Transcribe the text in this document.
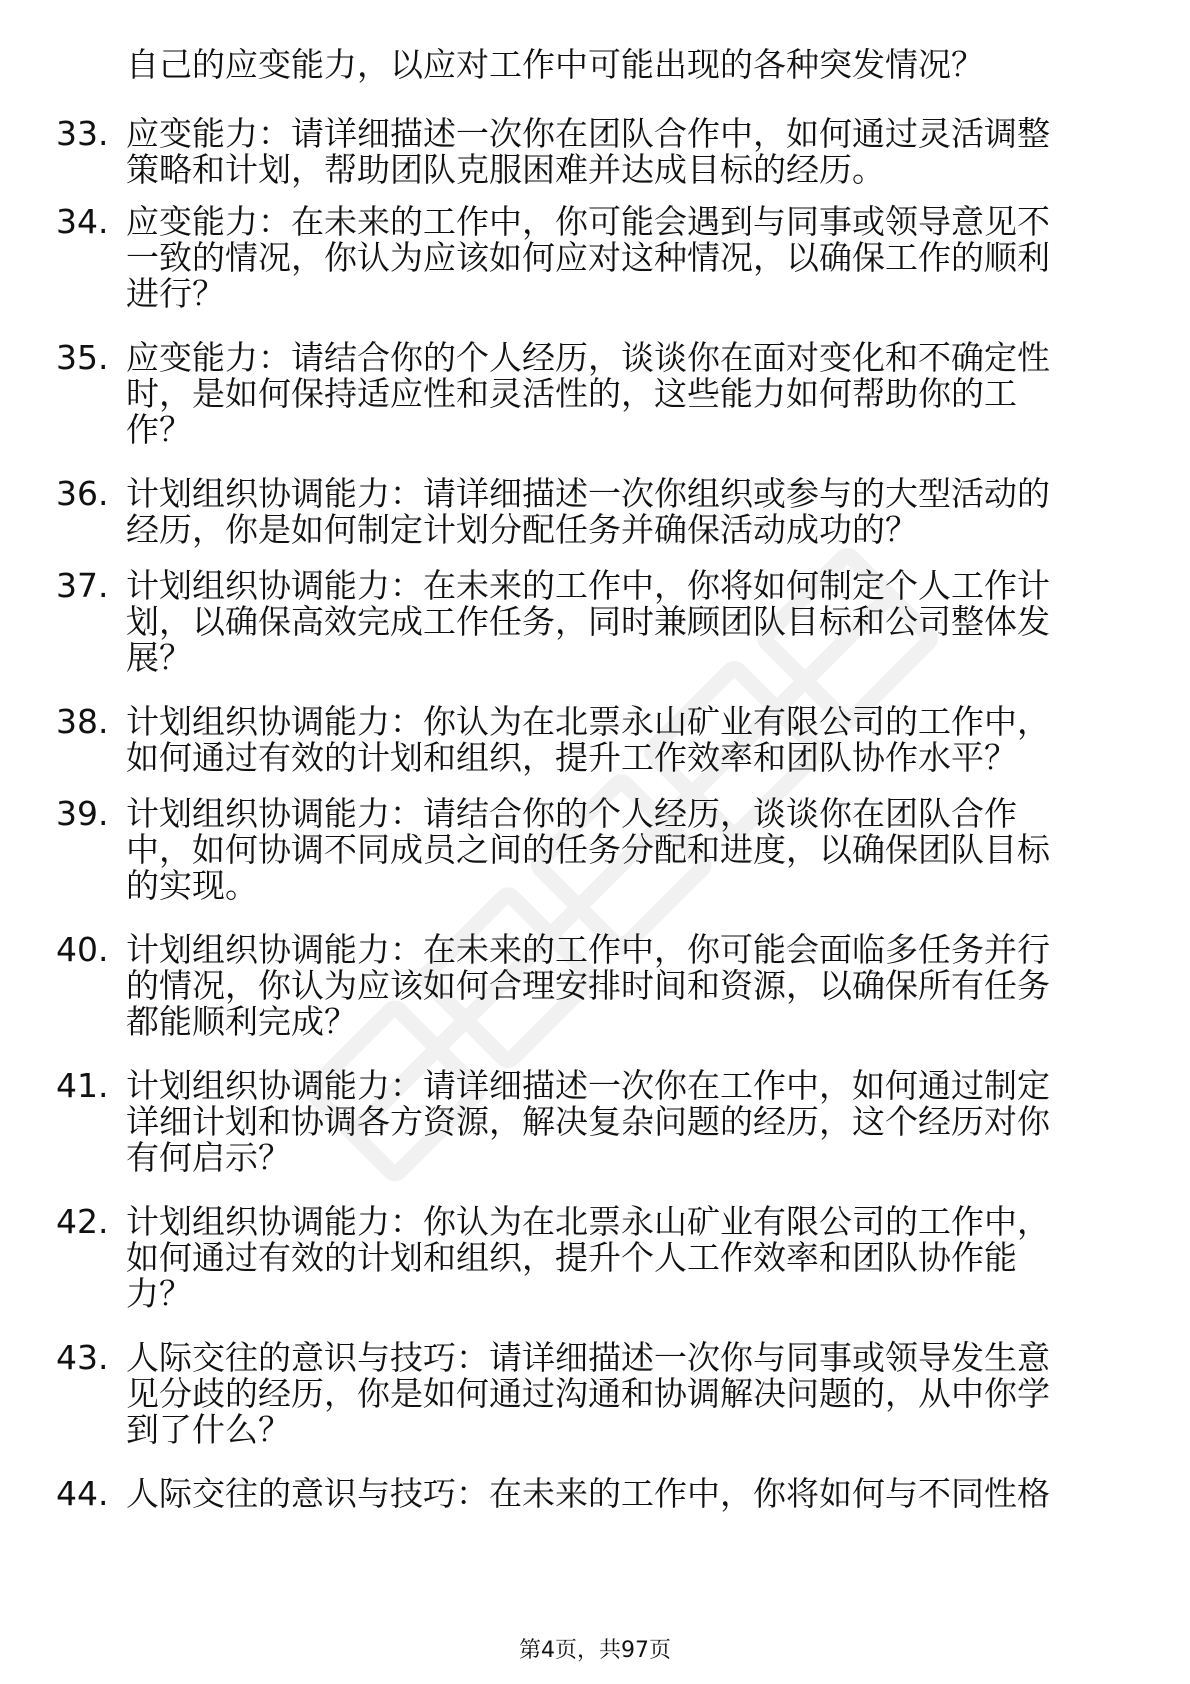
自己的应变能力，以应对工作中可能出现的各种突发情况？
33. 应变能力：请详细描述一次你在团队合作中，如何通过灵活调整
策略和计划，帮助团队克服困难并达成目标的经历。
34. 应变能力：在未来的工作中，你可能会遇到与同事或领导意见不
一致的情况，你认为应该如何应对这种情况，以确保工作的顺利
进行？
35. 应变能力：请结合你的个人经历，谈谈你在面对变化和不确定性
时，是如何保持适应性和灵活性的，这些能力如何帮助你的工
作？
36. 计划组织协调能力：请详细描述一次你组织或参与的大型活动的
经历，你是如何制定计划分配任务并确保活动成功的？
37. 计划组织协调能力：在未来的工作中，你将如何制定个人工作计
划，以确保高效完成工作任务，同时兼顾团队目标和公司整体发
展？
38. 计划组织协调能力：你认为在北票永山矿业有限公司的工作中，
如何通过有效的计划和组织，提升工作效率和团队协作水平？
39. 计划组织协调能力：请结合你的个人经历，谈谈你在团队合作
中，如何协调不同成员之间的任务分配和进度，以确保团队目标
的实现。
40. 计划组织协调能力：在未来的工作中，你可能会面临多任务并行
的情况，你认为应该如何合理安排时间和资源，以确保所有任务
都能顺利完成？
41. 计划组织协调能力：请详细描述一次你在工作中，如何通过制定
详细计划和协调各方资源，解决复杂问题的经历，这个经历对你
有何启示？
42. 计划组织协调能力：你认为在北票永山矿业有限公司的工作中，
如何通过有效的计划和组织，提升个人工作效率和团队协作能
力？
43. 人际交往的意识与技巧：请详细描述一次你与同事或领导发生意
见分歧的经历，你是如何通过沟通和协调解决问题的，从中你学
到了什么？
44. 人际交往的意识与技巧：在未来的工作中，你将如何与不同性格
第4页，共97页
